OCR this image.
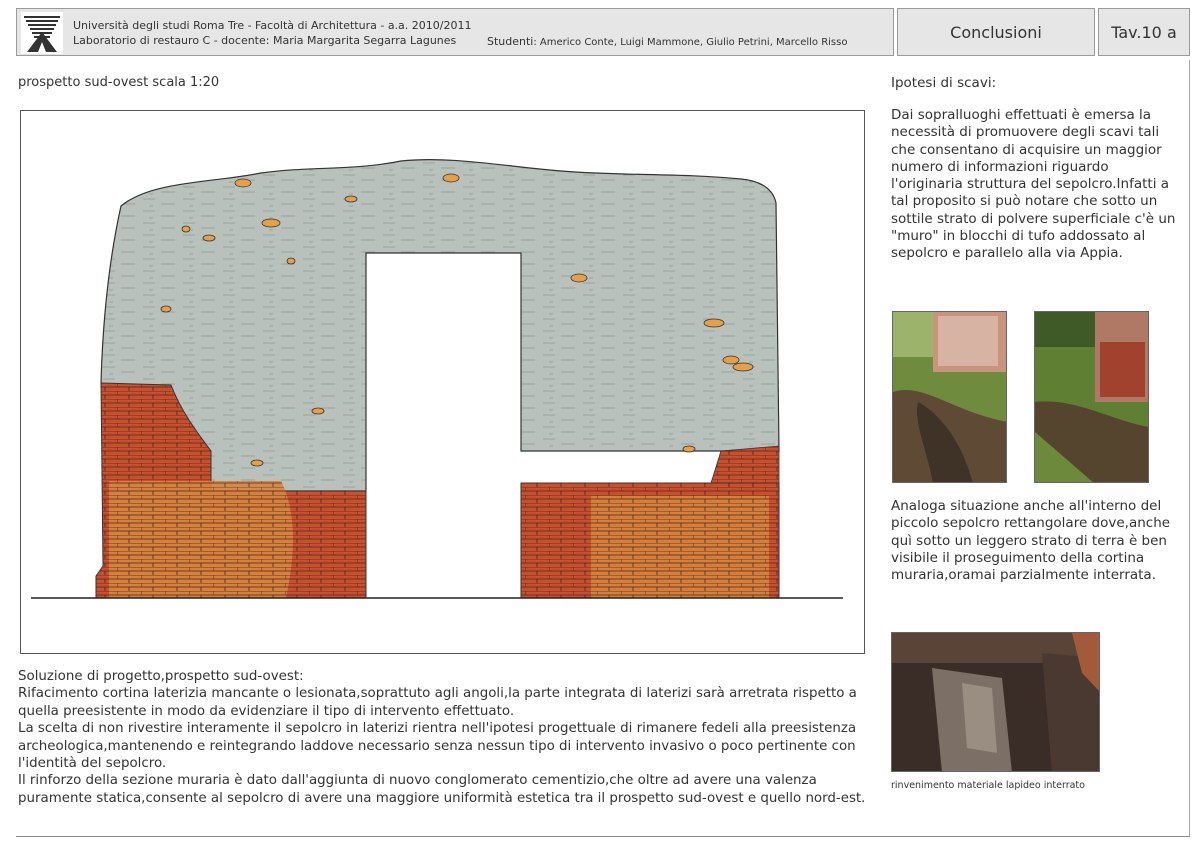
Università degli studi Roma Tre - Facoltà di Architettura - a.a. 2010/2011
Laboratorio di restauro C - docente: Maria Margarita Segarra Lagunes	Studenti: Americo Conte, Luigi Mammone, Giulio Petrini, Marcello Risso
Conclusioni	Tav.10 a
prospetto sud-ovest scala 1:20

Soluzione di progetto,prospetto sud-ovest:

Rifacimento cortina laterizia mancante o lesionata,soprattuto agli angoli,la parte integrata di laterizi sarà arretrata rispetto a quella preesistente in modo da evidenziare il tipo di intervento effettuato.

La scelta di non rivestire interamente il sepolcro in laterizi rientra nell'ipotesi progettuale di rimanere fedeli alla preesistenza archeologica,mantenendo e reintegrando laddove necessario senza nessun tipo di intervento invasivo o poco pertinente con l'identità del sepolcro.

Il rinforzo della sezione muraria è dato dall'aggiunta di nuovo conglomerato cementizio,che oltre ad avere una valenza puramente statica,consente al sepolcro di avere una maggiore uniformità estetica tra il prospetto sud-ovest e quello nord-est.

Ipotesi di scavi:
Dai sopralluoghi effettuati è emersa la necessità di promuovere degli scavi tali che consentano di acquisire un maggior numero di informazioni riguardo l'originaria struttura del sepolcro.Infatti a tal proposito si può notare che sotto un sottile strato di polvere superficiale c'è un "muro" in blocchi di tufo addossato al sepolcro e parallelo alla via Appia.
Analoga situazione anche all'interno del piccolo sepolcro rettangolare dove,anche quì sotto un leggero strato di terra è ben visibile il proseguimento della cortina muraria,oramai parzialmente interrata.
rinvenimento materiale lapideo interrato
